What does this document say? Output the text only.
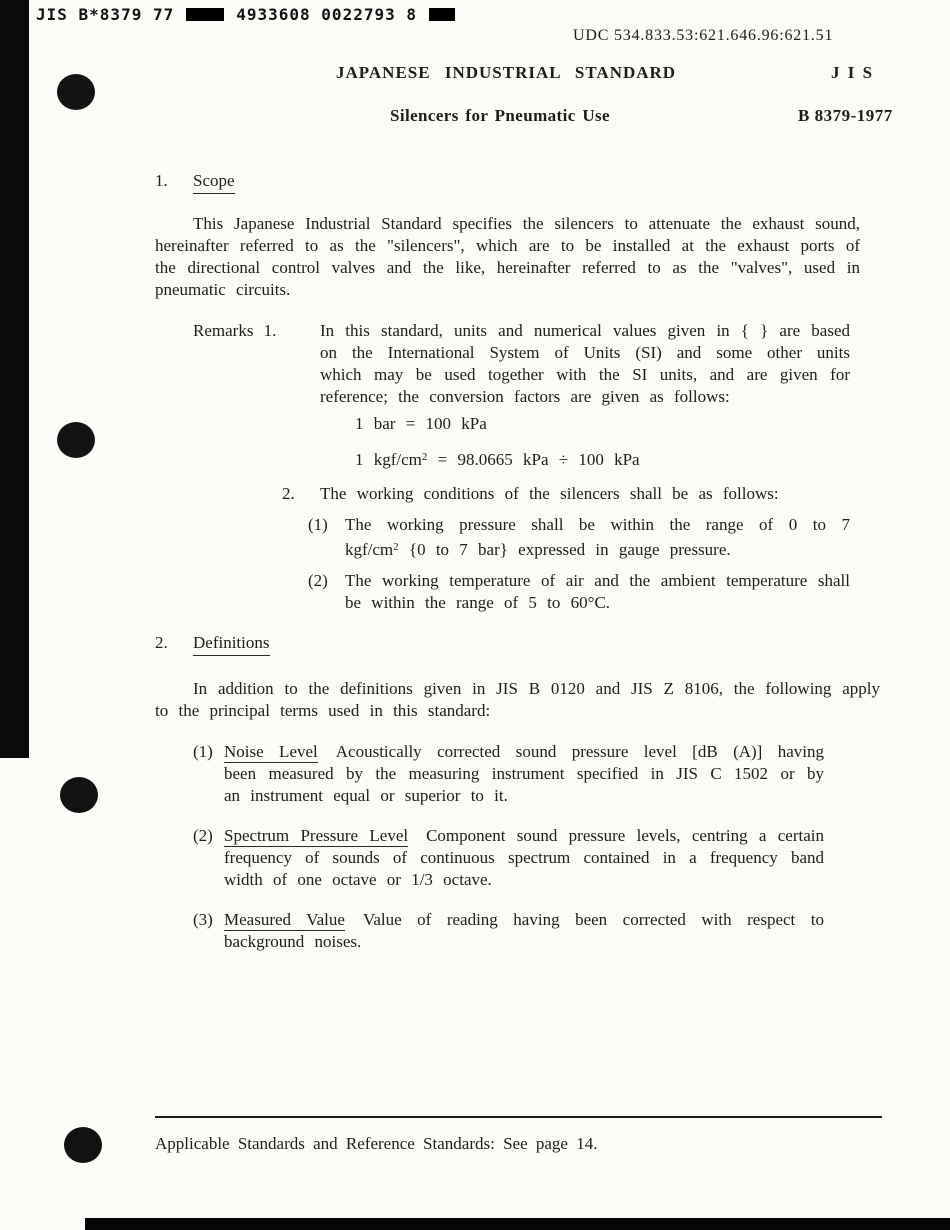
JIS B*8379 77	4933608 0022793 8
UDC 534.833.53:621.646.96:621.51
JAPANESE INDUSTRIAL STANDARD	J I S
Silencers for Pneumatic Use	B 8379-1977
1.	Scope

This Japanese Industrial Standard specifies the silencers to attenuate the exhaust sound, hereinafter referred to as the "silencers", which are to be installed at the exhaust ports of the directional control valves and the like, hereinafter referred to as the "valves", used in pneumatic circuits.

Remarks 1.	In this standard, units and numerical values given in { } are based on the International System of Units (SI) and some other units which may be used together with the SI units, and are given for reference; the conversion factors are given as follows:
1 bar = 100 kPa
1 kgf/$cm^2 = 98.0665$ kPa ÷ 100 kPa
2.	The working conditions of the silencers shall be as follows:
(1)	The working pressure shall be within the range of 0 to 7 kgf/$cm^2$ {0 to 7 bar} expressed in gauge pressure.
(2)	The working temperature of air and the ambient temperature shall be within the range of 5 to 60°C.
2.	Definitions

In addition to the definitions given in JIS B 0120 and JIS Z 8106, the following apply to the principal terms used in this standard:

(1) Noise Level Acoustically corrected sound pressure level [dB (A)] having been measured by the measuring instrument specified in JIS C 1502 or by an instrument equal or superior to it.
(2) Spectrum Pressure Level Component sound pressure levels, centring a certain frequency of sounds of continuous spectrum contained in a frequency band width of one octave or 1/3 octave.
(3) Measured Value Value of reading having been corrected with respect to background noises.
Applicable Standards and Reference Standards: See page 14.
